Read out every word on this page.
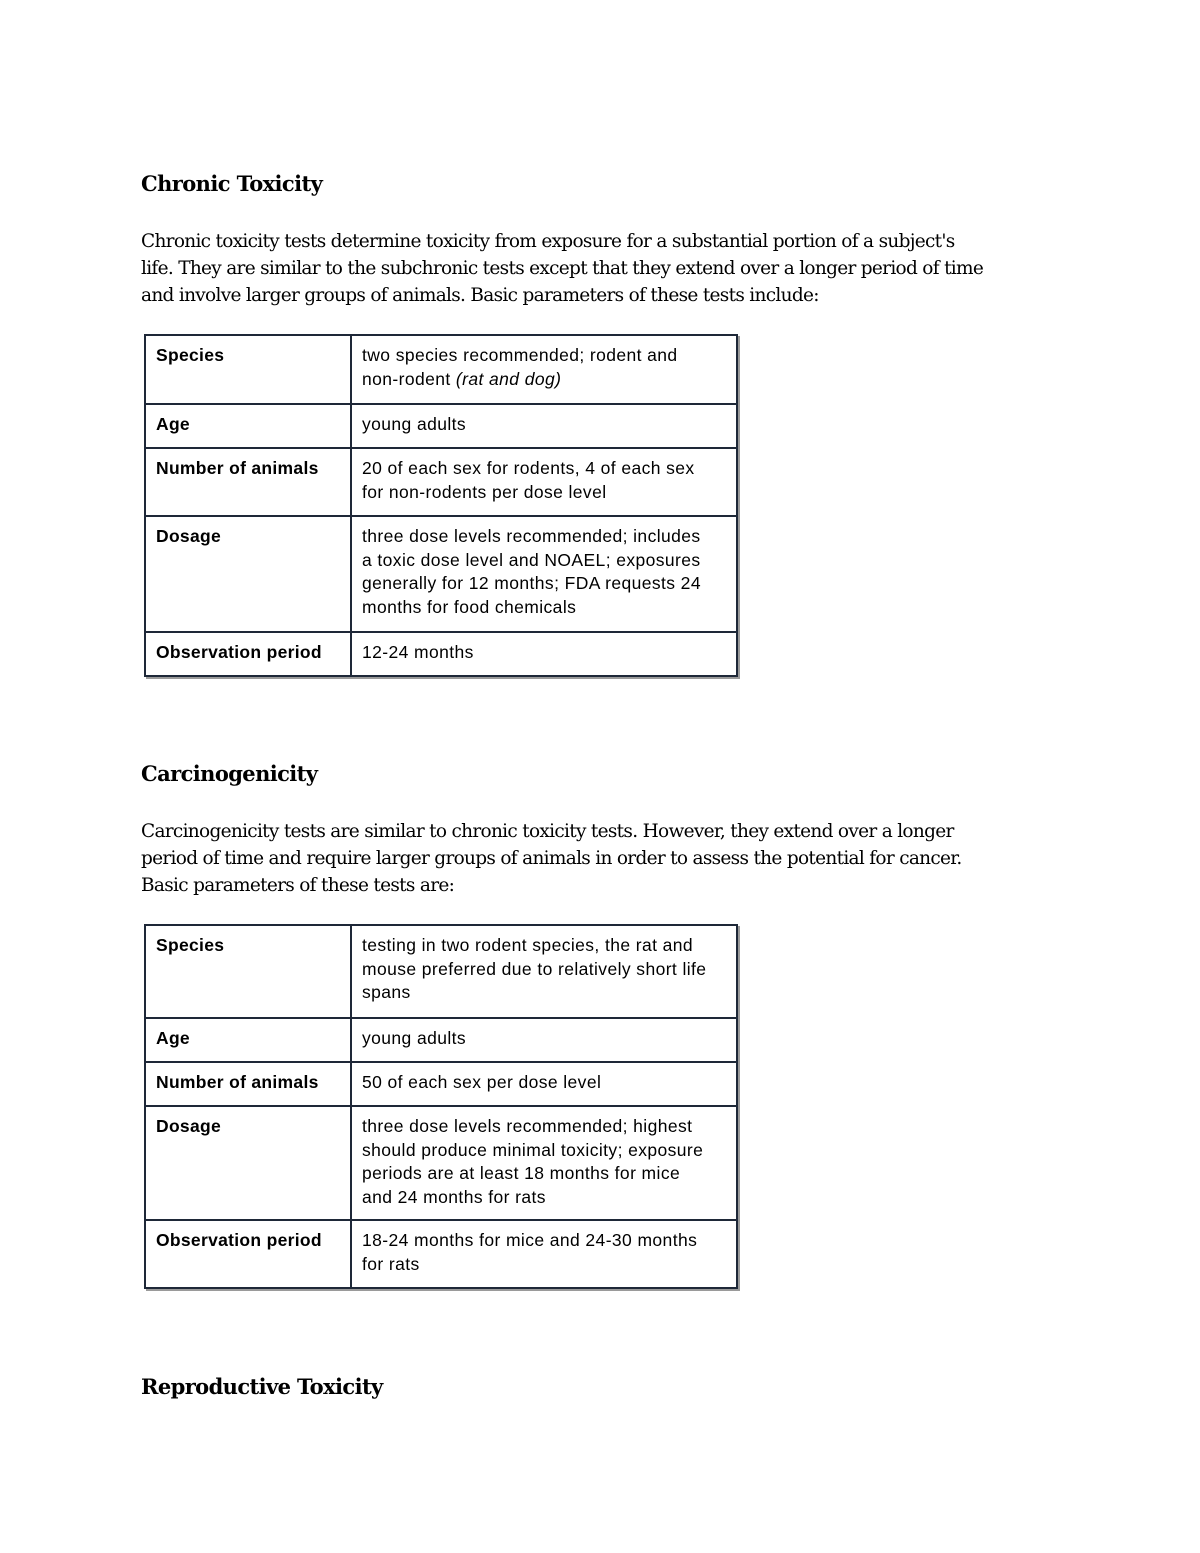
Chronic Toxicity

Chronic toxicity tests determine toxicity from exposure for a substantial portion of a subject's
life. They are similar to the subchronic tests except that they extend over a longer period of time
and involve larger groups of animals. Basic parameters of these tests include:

Species	two species recommended; rodent and
non-rodent (rat and dog)

Age	young adults
Number of animals	20 of each sex for rodents, 4 of each sex
for non-rodents per dose level

Dosage	three dose levels recommended; includes
a toxic dose level and NOAEL; exposures
generally for 12 months; FDA requests 24
months for food chemicals

Observation period	12-24 months
Carcinogenicity

Carcinogenicity tests are similar to chronic toxicity tests. However, they extend over a longer
period of time and require larger groups of animals in order to assess the potential for cancer.
Basic parameters of these tests are:

Species	testing in two rodent species, the rat and
mouse preferred due to relatively short life
spans

Age	young adults
Number of animals	50 of each sex per dose level

Dosage	three dose levels recommended; highest
should produce minimal toxicity; exposure
periods are at least 18 months for mice
and 24 months for rats

Observation period	18-24 months for mice and 24-30 months
for rats
Reproductive Toxicity
